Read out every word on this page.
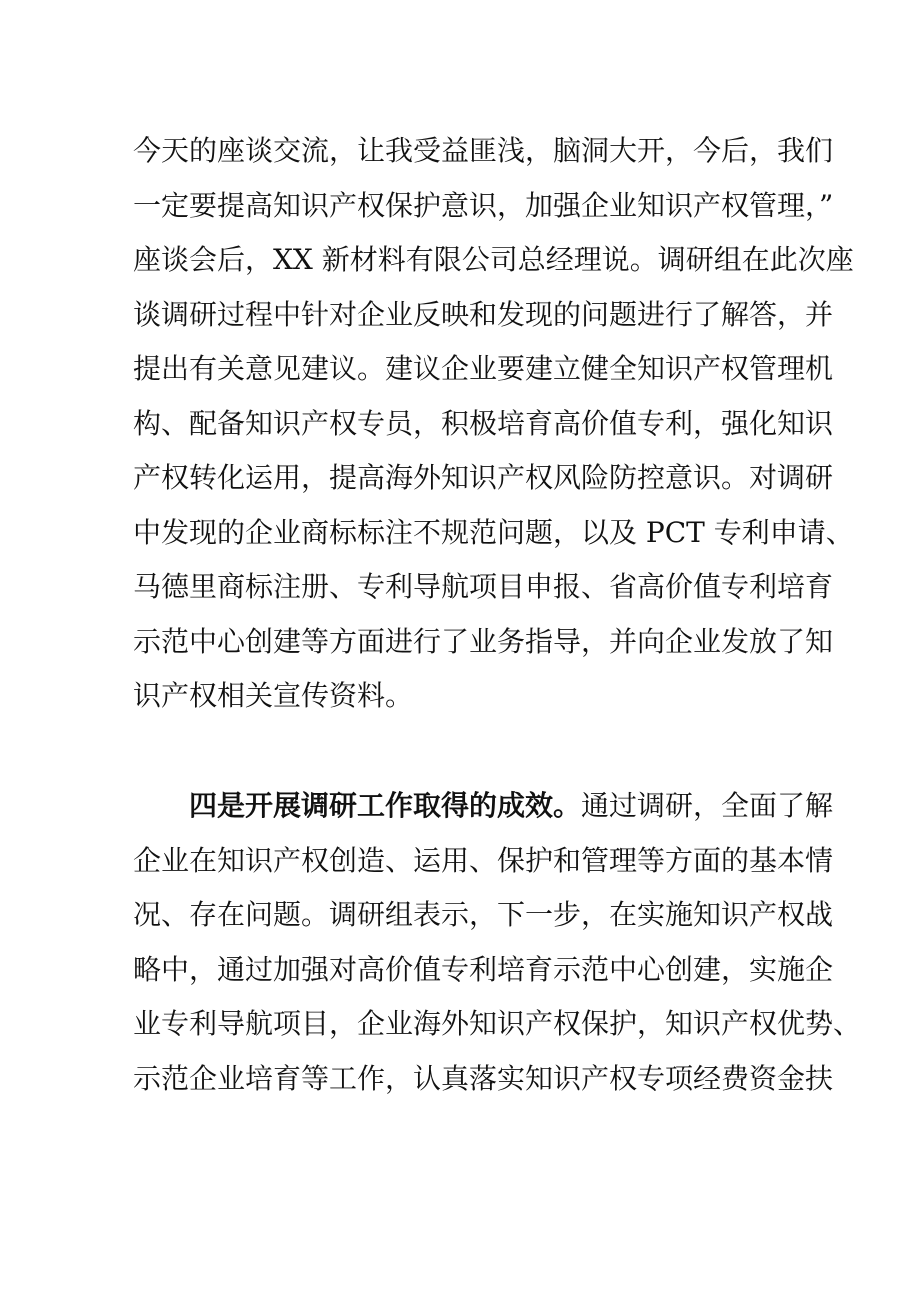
今天的座谈交流，让我受益匪浅，脑洞大开，今后，我们
一定要提高知识产权保护意识，加强企业知识产权管理，”
座谈会后，XX 新材料有限公司总经理说。调研组在此次座
谈调研过程中针对企业反映和发现的问题进行了解答，并
提出有关意见建议。建议企业要建立健全知识产权管理机
构、配备知识产权专员，积极培育高价值专利，强化知识
产权转化运用，提高海外知识产权风险防控意识。对调研
中发现的企业商标标注不规范问题，以及 PCT 专利申请、
马德里商标注册、专利导航项目申报、省高价值专利培育
示范中心创建等方面进行了业务指导，并向企业发放了知
识产权相关宣传资料。
四是开展调研工作取得的成效。通过调研，全面了解
企业在知识产权创造、运用、保护和管理等方面的基本情
况、存在问题。调研组表示，下一步，在实施知识产权战
略中，通过加强对高价值专利培育示范中心创建，实施企
业专利导航项目，企业海外知识产权保护，知识产权优势、
示范企业培育等工作，认真落实知识产权专项经费资金扶
